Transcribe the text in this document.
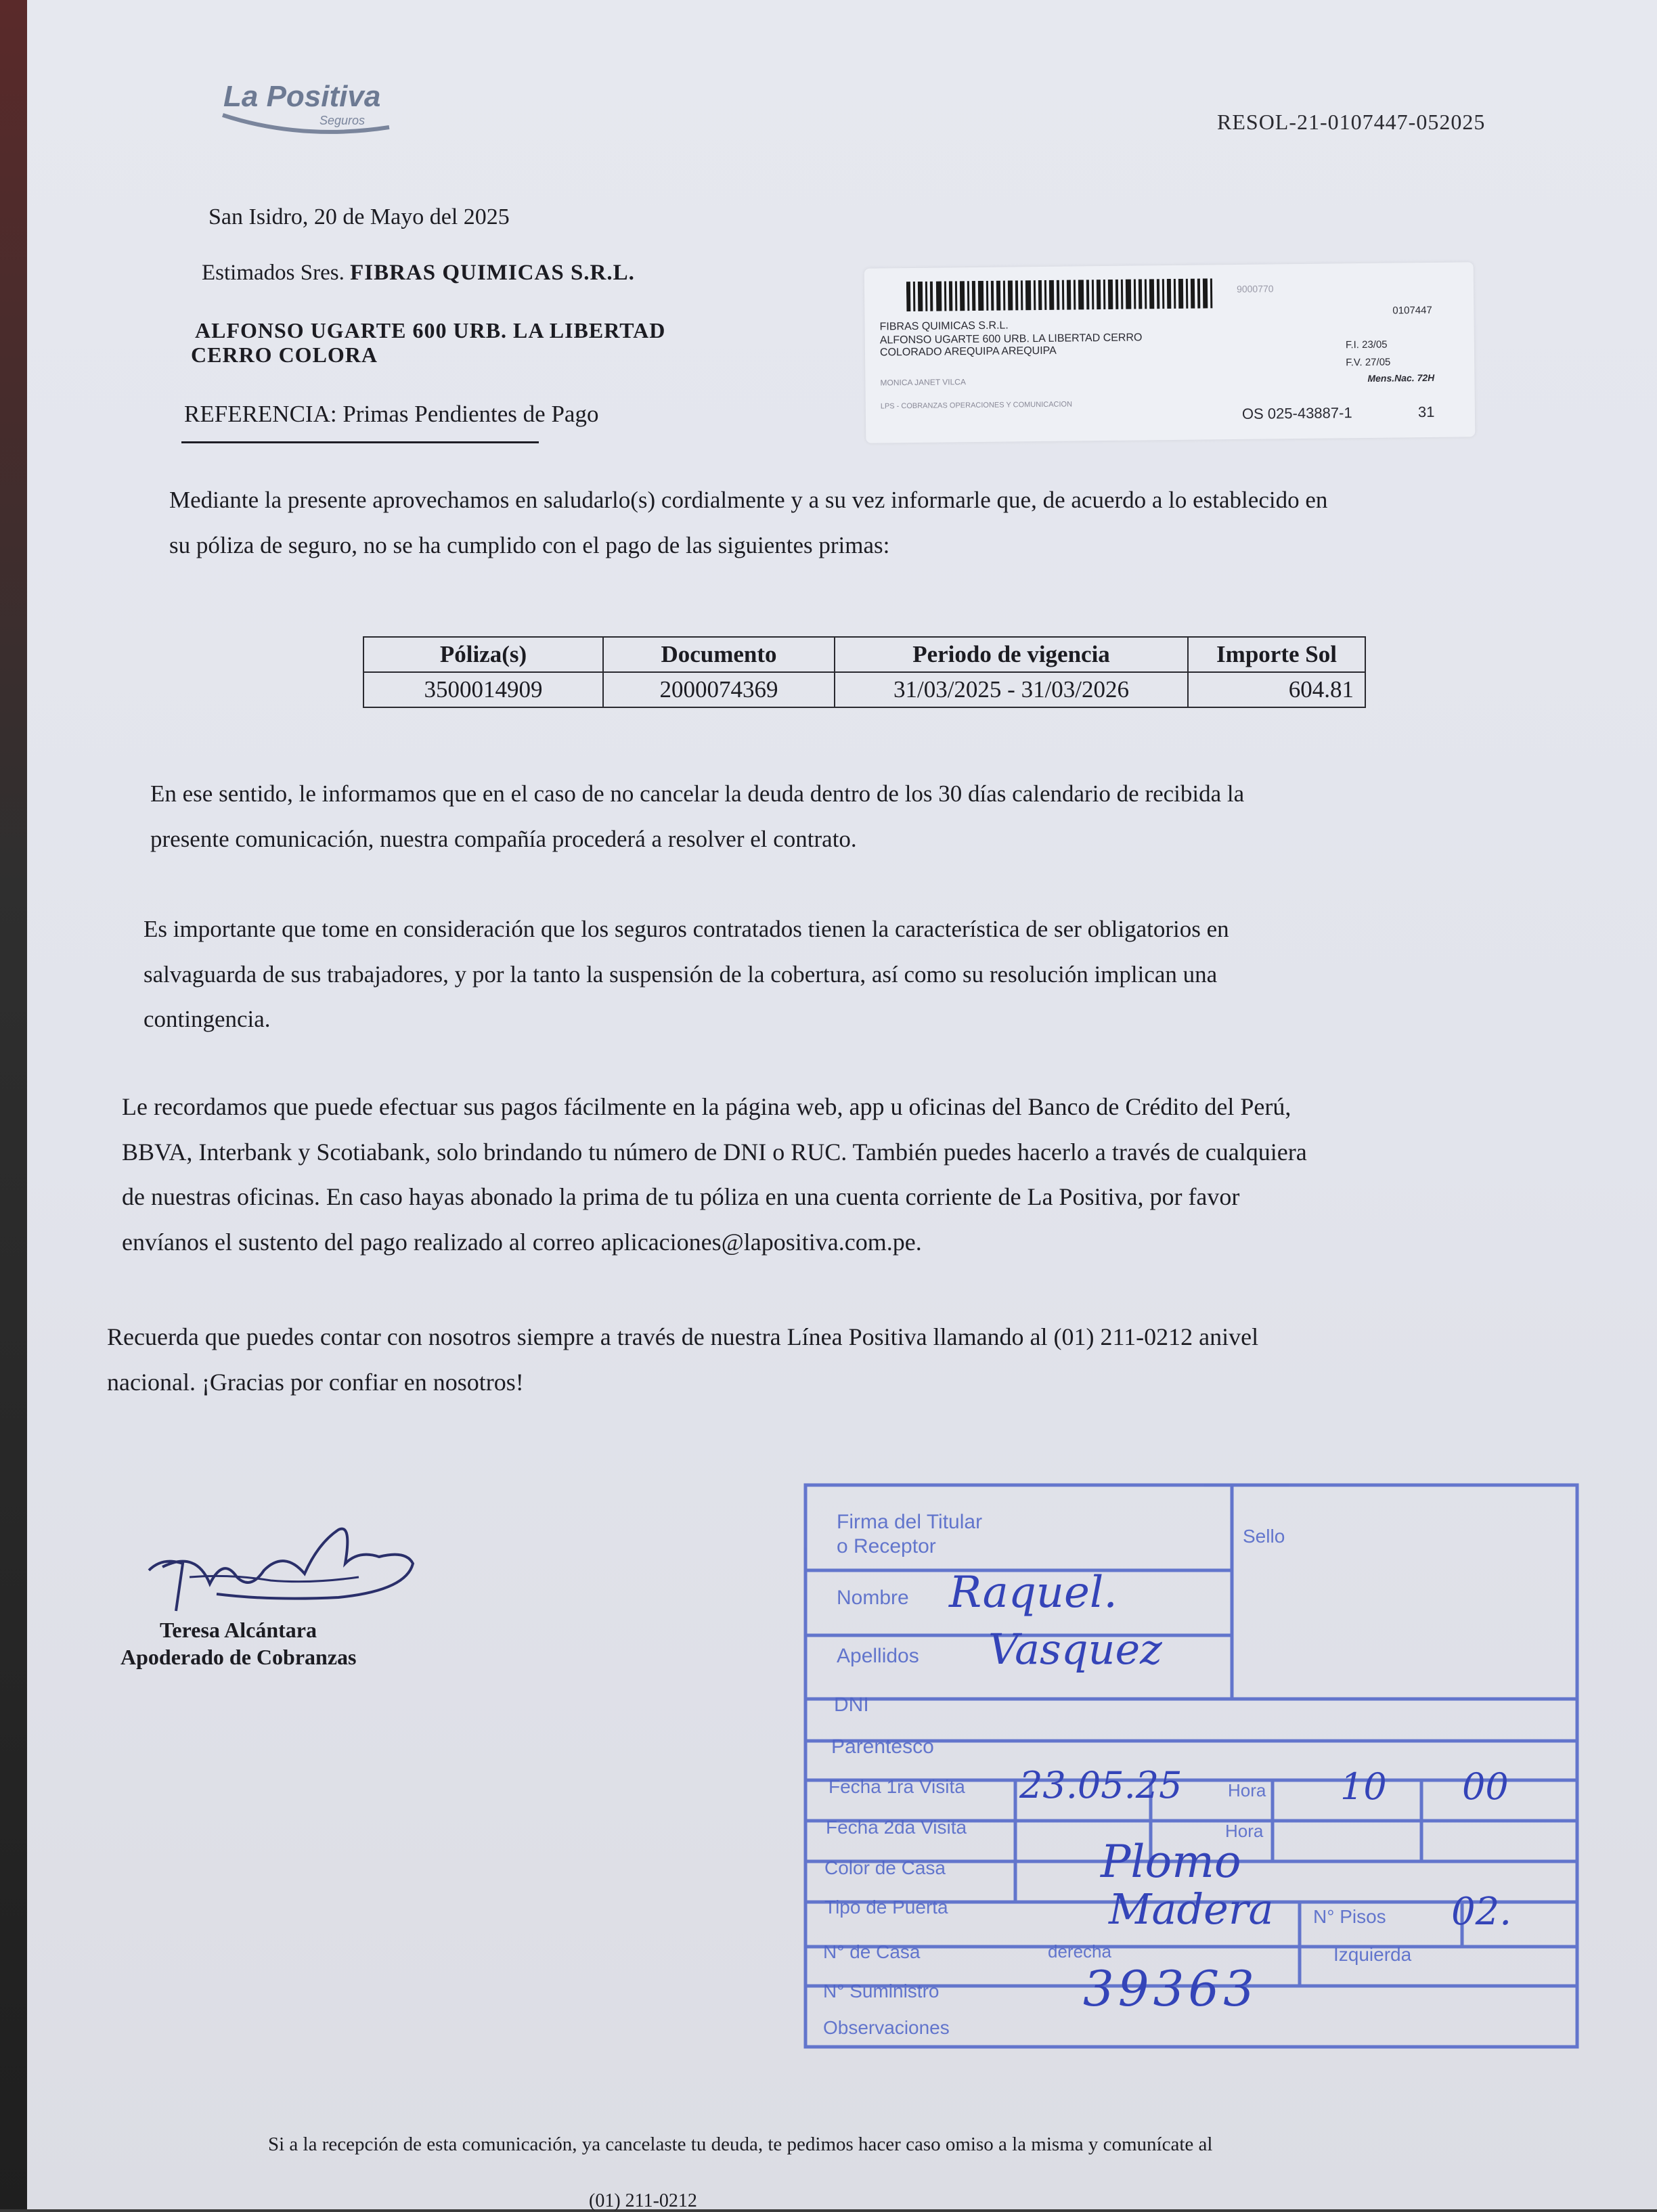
La Positiva
Seguros	RESOL-21-0107447-052025
San Isidro, 20 de Mayo del 2025
Estimados Sres. FIBRAS QUIMICAS S.R.L.
ALFONSO UGARTE 600 URB. LA LIBERTAD
CERRO COLORA
REFERENCIA: Primas Pendientes de Pago
9000770
0107447
FIBRAS QUIMICAS S.R.L.
ALFONSO UGARTE 600 URB. LA LIBERTAD CERRO
COLORADO AREQUIPA AREQUIPA
F.I. 23/05
F.V. 27/05
Mens.Nac. 72H
MONICA JANET VILCA
LPS - COBRANZAS OPERACIONES Y COMUNICACION	OS 025-43887-1	31
Mediante la presente aprovechamos en saludarlo(s) cordialmente y a su vez informarle que, de acuerdo a lo establecido en
su póliza de seguro, no se ha cumplido con el pago de las siguientes primas:
Póliza(s)	Documento	Periodo de vigencia	Importe Sol
3500014909	2000074369	31/03/2025 - 31/03/2026	604.81
En ese sentido, le informamos que en el caso de no cancelar la deuda dentro de los 30 días calendario de recibida la
presente comunicación, nuestra compañía procederá a resolver el contrato.
Es importante que tome en consideración que los seguros contratados tienen la característica de ser obligatorios en
salvaguarda de sus trabajadores, y por la tanto la suspensión de la cobertura, así como su resolución implican una
contingencia.
Le recordamos que puede efectuar sus pagos fácilmente en la página web, app u oficinas del Banco de Crédito del Perú,
BBVA, Interbank y Scotiabank, solo brindando tu número de DNI o RUC. También puedes hacerlo a través de cualquiera
de nuestras oficinas. En caso hayas abonado la prima de tu póliza en una cuenta corriente de La Positiva, por favor
envíanos el sustento del pago realizado al correo aplicaciones@lapositiva.com.pe.
Recuerda que puedes contar con nosotros siempre a través de nuestra Línea Positiva llamando al (01) 211-0212 anivel
nacional. ¡Gracias por confiar en nosotros!
Teresa Alcántara
Apoderado de Cobranzas
Firma del Titular
o Receptor	Sello
Nombre Raquel.
Apellidos Vasquez
DNI
Parentesco
Fecha 1ra Visita 23.05.25	Hora 10 00
Fecha 2da Visita	Hora
Color de Casa	Plomo
Tipo de Puerta	Madera N° Pisos 02.
N° de Casa	derecha	Izquierda
N° Suministro	39363
Observaciones
Si a la recepción de esta comunicación, ya cancelaste tu deuda, te pedimos hacer caso omiso a la misma y comunícate al
(01) 211-0212
